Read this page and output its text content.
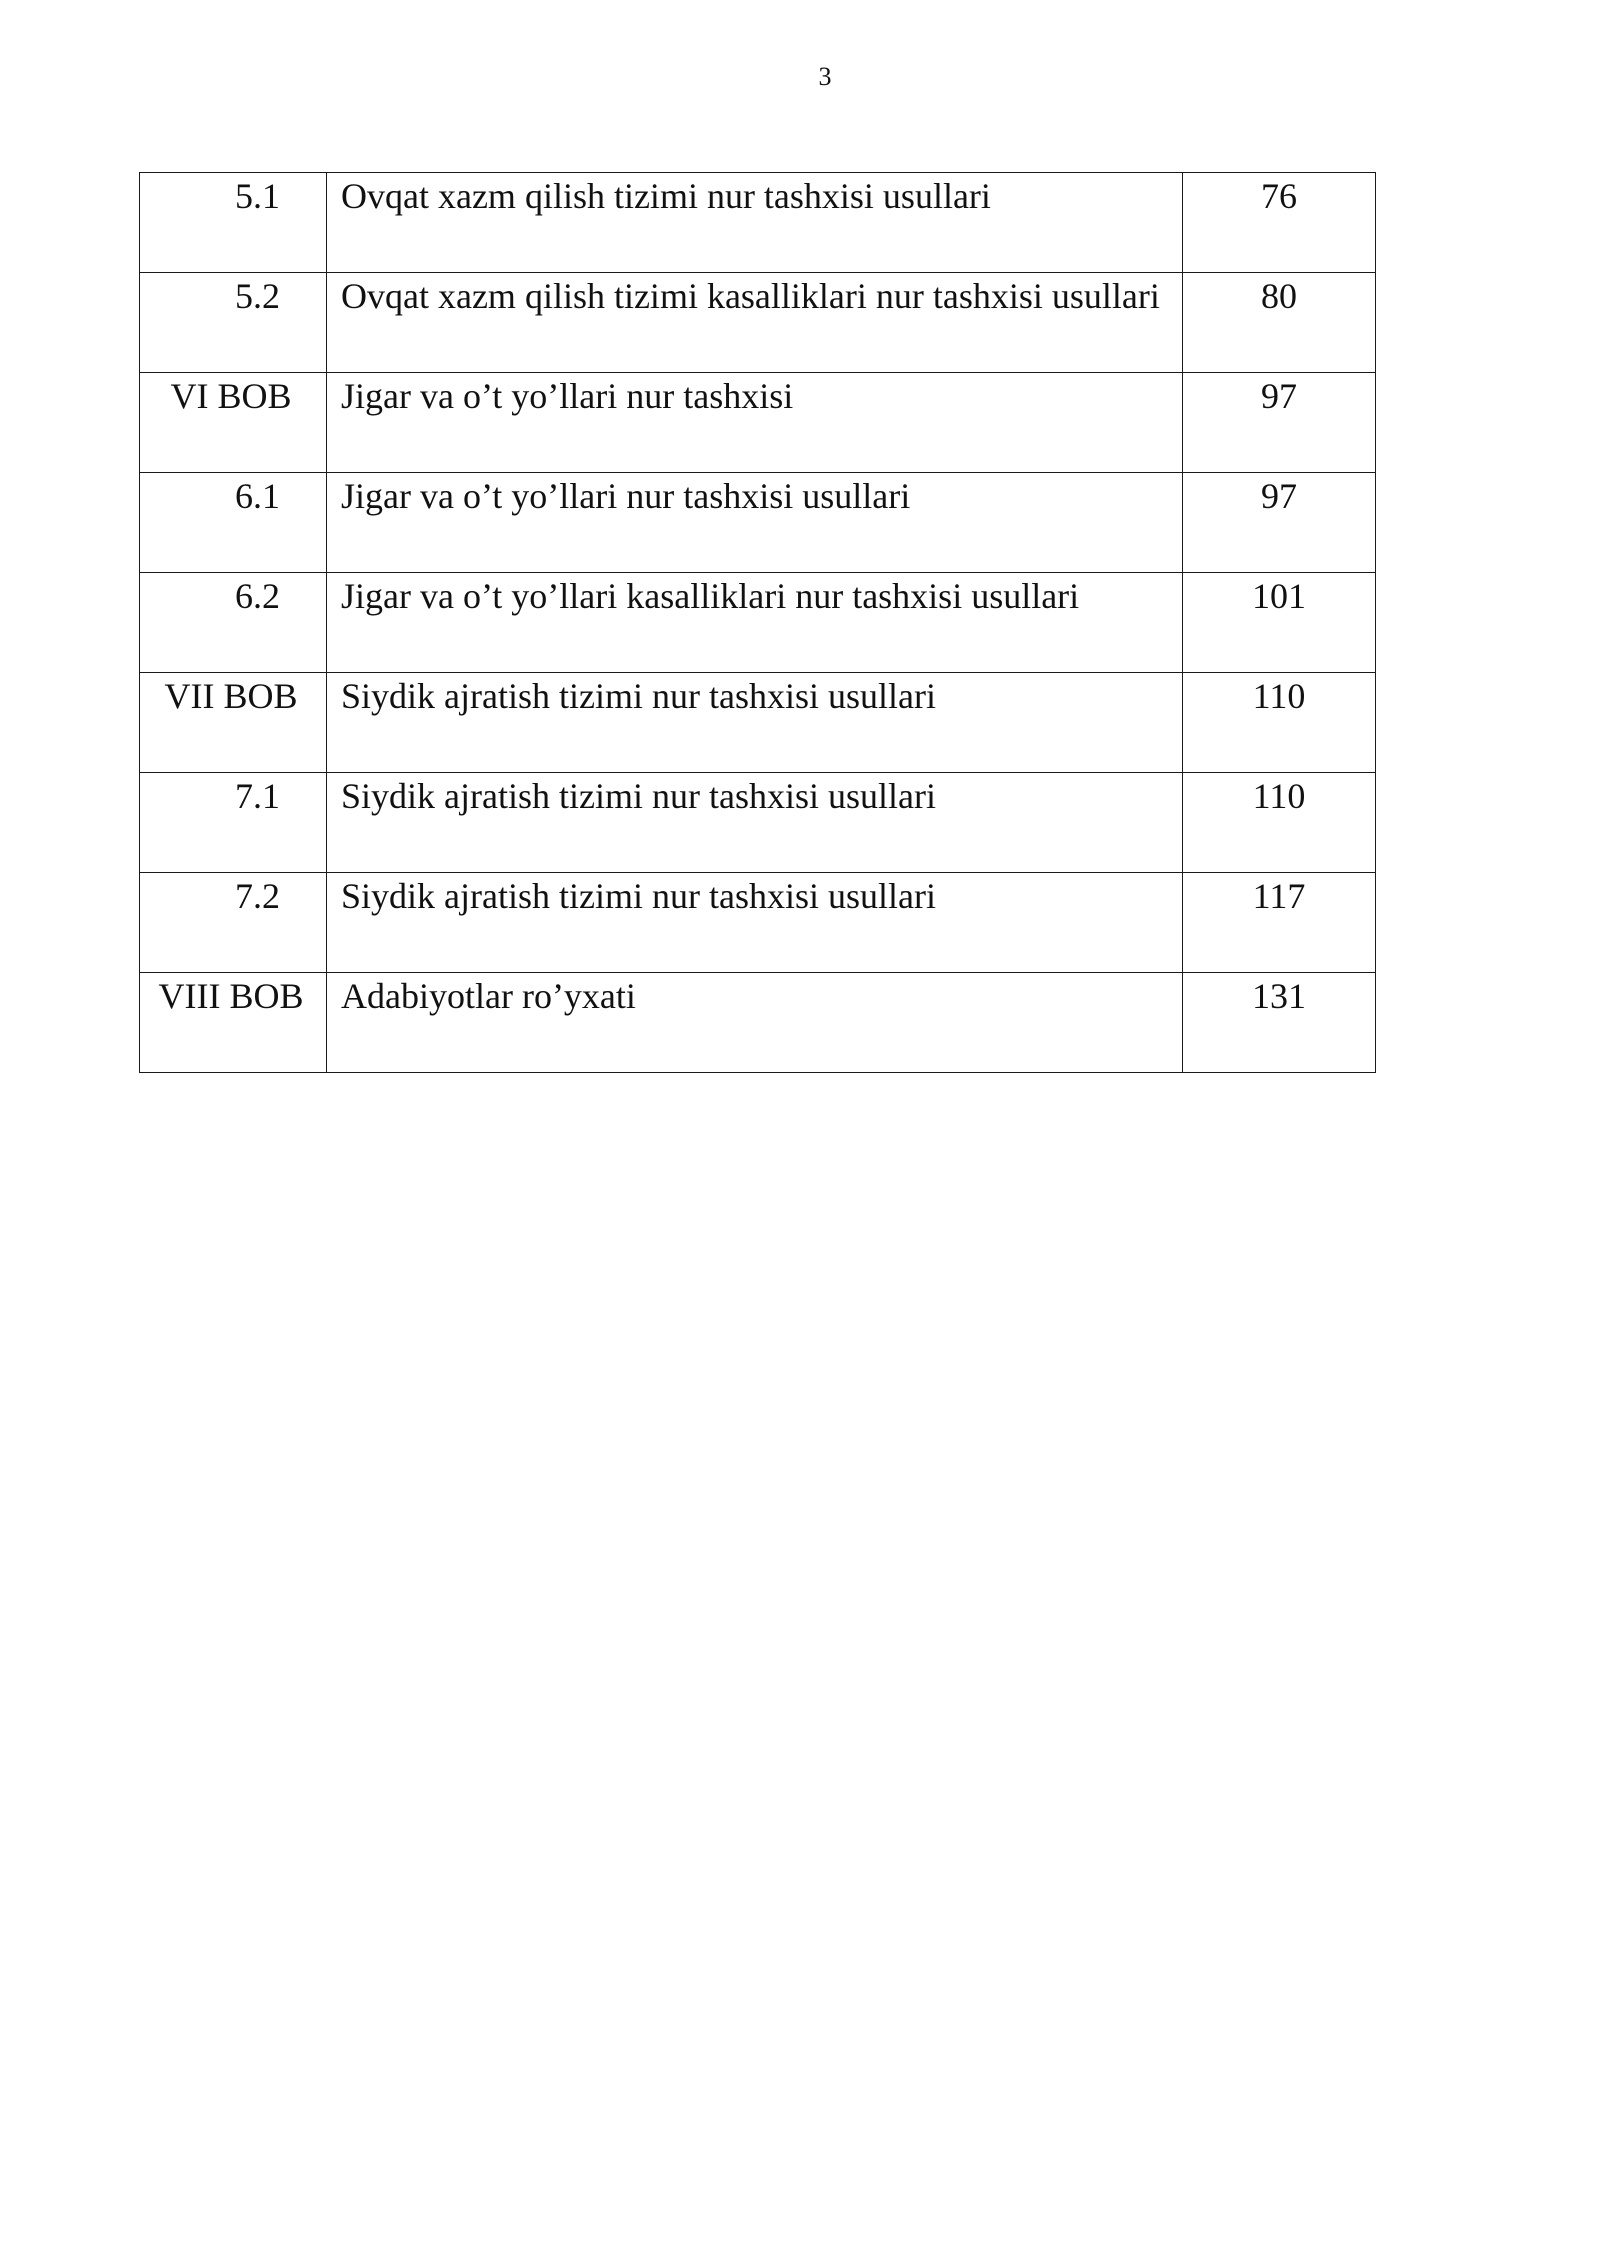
3
5.1	Ovqat xazm qilish tizimi nur tashxisi usullari	76
5.2	Ovqat xazm qilish tizimi kasalliklari nur tashxisi usullari	80
VI BOB	Jigar va o’t yo’llari nur tashxisi	97
6.1	Jigar va o’t yo’llari nur tashxisi usullari	97
6.2	Jigar va o’t yo’llari kasalliklari nur tashxisi usullari	101
VII BOB	Siydik ajratish tizimi nur tashxisi usullari	110
7.1	Siydik ajratish tizimi nur tashxisi usullari	110
7.2	Siydik ajratish tizimi nur tashxisi usullari	117
VIII BOB	Adabiyotlar ro’yxati	131
